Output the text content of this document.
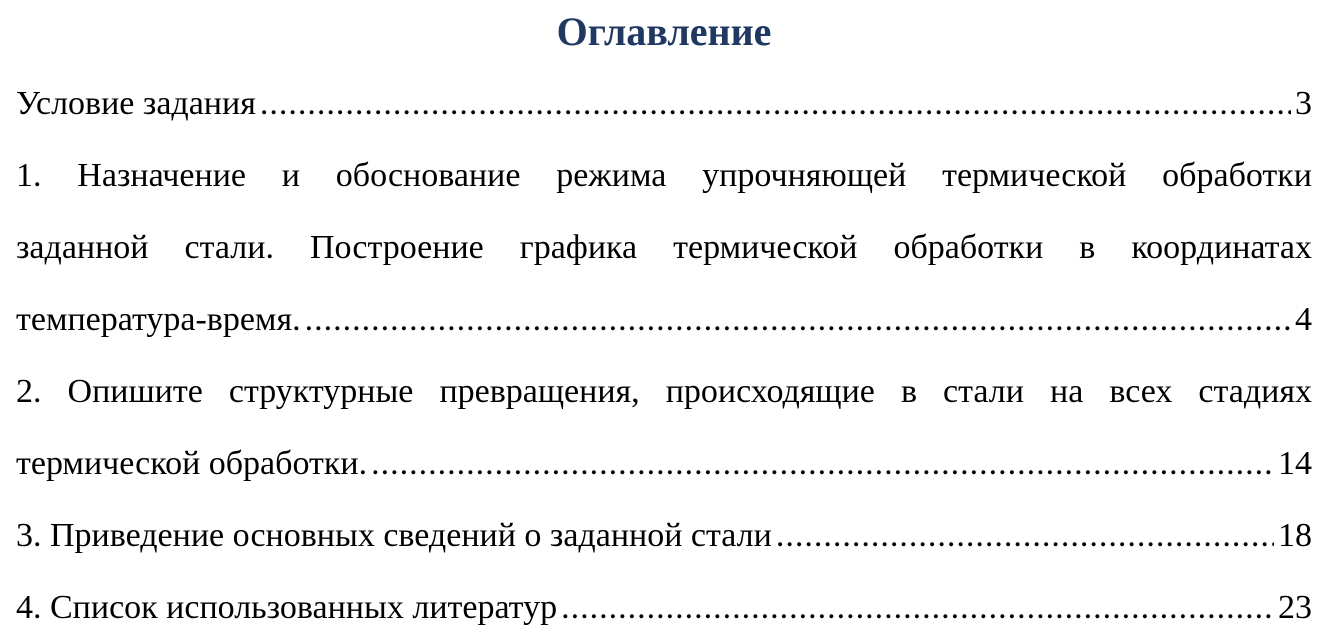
Оглавление
Условие задания .....	3
1. Назначение и обоснование режима упрочняющей термической обработки
заданной стали. Построение графика термической обработки в координатах
температура-время. .....	4
2. Опишите структурные превращения, происходящие в стали на всех стадиях
термической обработки. .....	14
3. Приведение основных сведений о заданной стали .....	18
4. Список использованных литератур .....	23
